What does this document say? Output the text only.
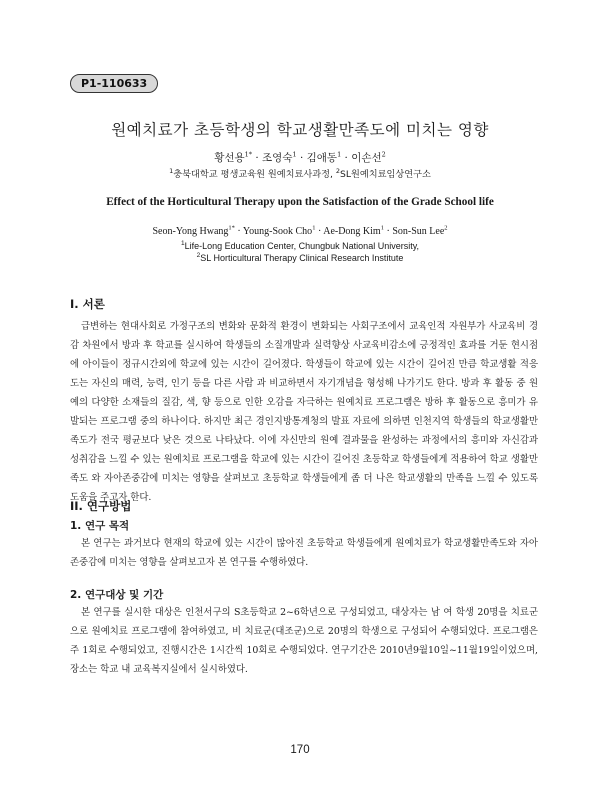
P1-110633
원예치료가 초등학생의 학교생활만족도에 미치는 영향
황선용$^{1*}$ · 조영숙$^1$ · 김애동$^1$ · 이손선$^2$
$^1$충북대학교 평생교육원 원예치료사과정, $^2$SL원예치료임상연구소
Effect of the Horticultural Therapy upon the Satisfaction of the Grade School life
Seon-Yong Hwang$^{1*}$ · Young-Sook Cho$^1$ · Ae-Dong Kim$^1$ · Son-Sun Lee$^2$
$^1$Life-Long Education Center, Chungbuk National University,
$^2$SL Horticultural Therapy Clinical Research Institute
I. 서론

급변하는 현대사회로 가정구조의 변화와 문화적 환경이 변화되는 사회구조에서 교육인적 자원부가 사교육비 경감 차원에서 방과 후 학교를 실시하여 학생들의 소질개발과 실력향상 사교육비감소에 긍정적인 효과를 거둔 현시점에 아이들이 정규시간외에 학교에 있는 시간이 길어졌다. 학생들이 학교에 있는 시간이 길어진 만큼 학교생활 적응도는 자신의 매력, 능력, 인기 등을 다른 사람 과 비교하면서 자기개념을 형성해 나가기도 한다. 방과 후 활동 중 원예의 다양한 소재들의 질감, 색, 향 등으로 인한 오감을 자극하는 원예치료 프로그램은 방하 후 활동으로 흥미가 유발되는 프로그램 중의 하나이다. 하지만 최근 경인지방통계청의 발표 자료에 의하면 인천지역 학생들의 학교생활만족도가 전국 평균보다 낮은 것으로 나타났다. 이에 자신만의 원예 결과물을 완성하는 과정에서의 흥미와 자신감과 성취감을 느낄 수 있는 원예치료 프로그램을 학교에 있는 시간이 길어진 초등학교 학생들에게 적용하여 학교 생활만족도 와 자아존중감에 미치는 영향을 살펴보고 초등학교 학생들에게 좀 더 나은 학교생활의 만족을 느낄 수 있도록 도움을 주고자 한다.

II. 연구방법
1. 연구 목적

본 연구는 과거보다 현재의 학교에 있는 시간이 많아진 초등학교 학생들에게 원예치료가 학교생활만족도와 자아존중감에 미치는 영향을 살펴보고자 본 연구를 수행하였다.

2. 연구대상 및 기간

본 연구를 실시한 대상은 인천서구의 S초등학교 2~6학년으로 구성되었고, 대상자는 남 여 학생 20명을 치료군으로 원예치료 프로그램에 참여하였고, 비 치료군(대조군)으로 20명의 학생으로 구성되어 수행되었다. 프로그램은 주 1회로 수행되었고, 진행시간은 1시간씩 10회로 수행되었다. 연구기간은 2010년9월10일~11월19일이었으며, 장소는 학교 내 교육복지실에서 실시하였다.

170
